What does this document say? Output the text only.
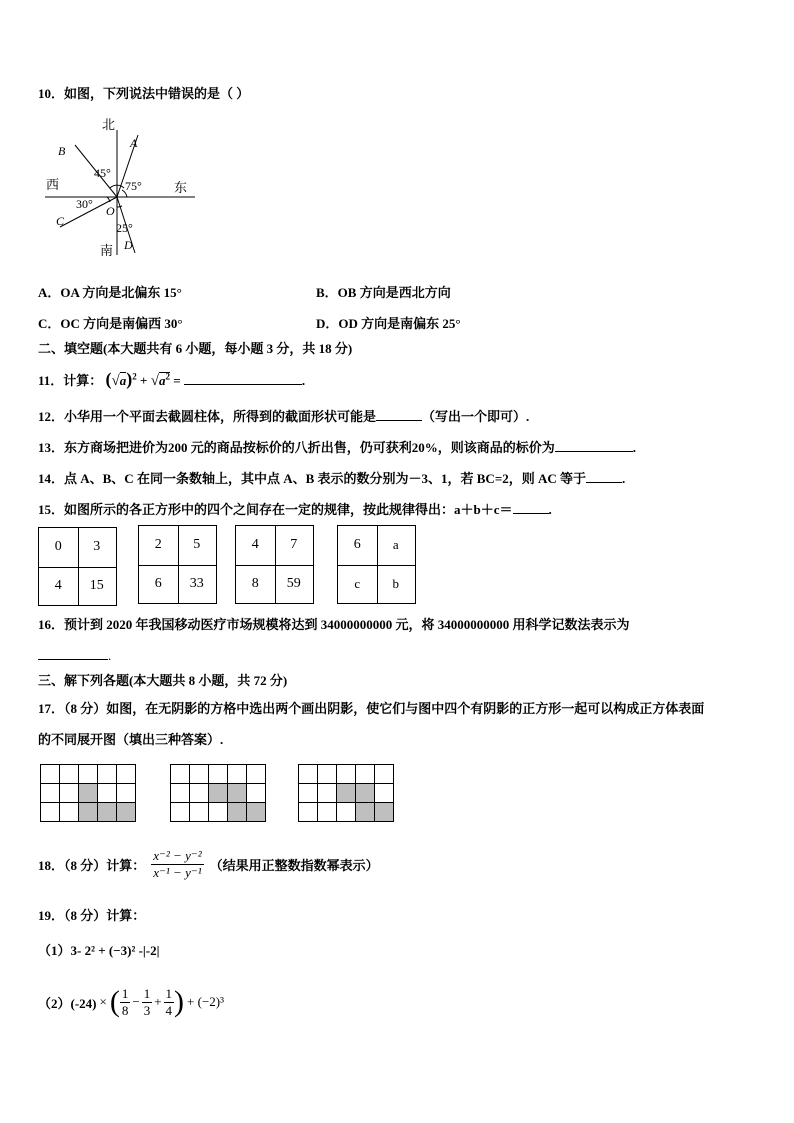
10．如图，下列说法中错误的是（ ）
北
南
西	东
A
B
C
D
O
45°
75°
30°
25°
A．OA 方向是北偏东 15°	B．OB 方向是西北方向
C．OC 方向是南偏西 30°	D．OD 方向是南偏东 25°
二、填空题(本大题共有 6 小题，每小题 3 分，共 18 分)
11．计算： $(√a)^2 + √a^2$ =	.
12．小华用一个平面去截圆柱体，所得到的截面形状可能是	（写出一个即可）.
13．东方商场把进价为200 元的商品按标价的八折出售，仍可获利20%，则该商品的标价为	.
14．点 A、B、C 在同一条数轴上，其中点 A、B 表示的数分别为－3、1，若 BC=2，则 AC 等于	.
15．如图所示的各正方形中的四个之间存在一定的规律，按此规律得出：a＋b＋c＝	.
0	3
4	15
2	5
6	33
4	7
8	59
6	a
c	b
16．预计到 2020 年我国移动医疗市场规模将达到 34000000000 元，将 34000000000 用科学记数法表示为
.
三、解下列各题(本大题共 8 小题，共 72 分)
17．（8 分）如图，在无阴影的方格中选出两个画出阴影，使它们与图中四个有阴影的正方形一起可以构成正方体表面
的不同展开图（填出三种答案）.

18．（8 分）计算： $\frac{\text{x⁻² − y⁻²}}{\text{x⁻¹ − y⁻¹}}$ （结果用正整数指数幂表示）
19．（8 分）计算：
（1）3- 2² + (−3)² -|-2|
（2）(-24) × ( $\frac{1}{8} - \frac{1}{3} + \frac{1}{4}$ ) + (−2)³
